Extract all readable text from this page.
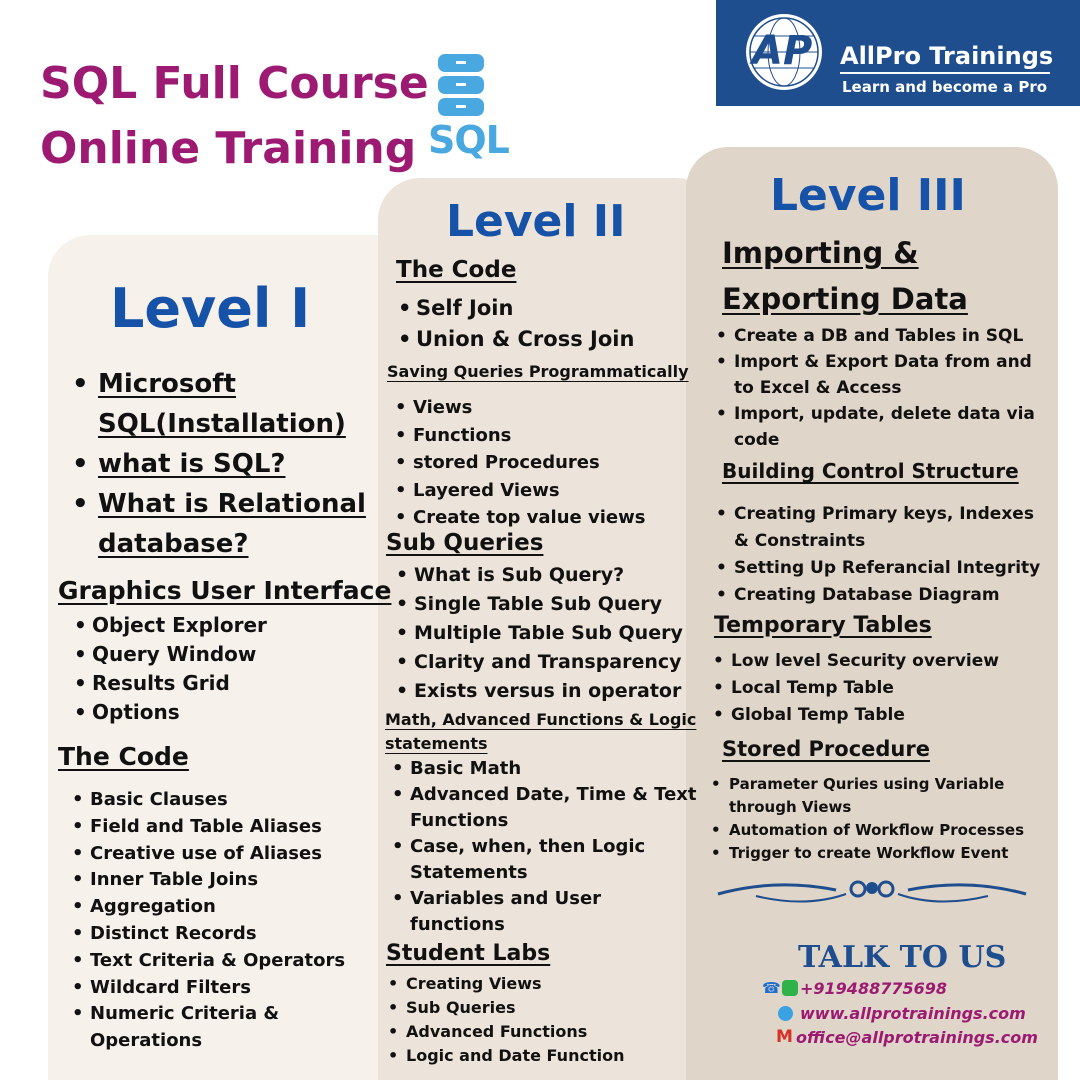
SQL Full Course
Online Training SQL
AP AllPro Trainings
Learn and become a Pro
Level I
• Microsoft
SQL(Installation)
• what is SQL?
• What is Relational
database?
Graphics User Interface
• Object Explorer
• Query Window
• Results Grid
• Options
The Code
• Basic Clauses
• Field and Table Aliases
• Creative use of Aliases
• Inner Table Joins
• Aggregation
• Distinct Records
• Text Criteria & Operators
• Wildcard Filters
• Numeric Criteria &
Operations
Level II
The Code
• Self Join
• Union & Cross Join
Saving Queries Programmatically
• Views
• Functions
• stored Procedures
• Layered Views
• Create top value views
Sub Queries
• What is Sub Query?
• Single Table Sub Query
• Multiple Table Sub Query
• Clarity and Transparency
• Exists versus in operator
Math, Advanced Functions & Logic
statements
• Basic Math
• Advanced Date, Time & Text
Functions
• Case, when, then Logic
Statements
• Variables and User
functions
Student Labs
• Creating Views
• Sub Queries
• Advanced Functions
• Logic and Date Function
Level III
Importing &
Exporting Data
• Create a DB and Tables in SQL
• Import & Export Data from and
to Excel & Access
• Import, update, delete data via
code
Building Control Structure
• Creating Primary keys, Indexes
& Constraints
• Setting Up Referancial Integrity
• Creating Database Diagram
Temporary Tables
• Low level Security overview
• Local Temp Table
• Global Temp Table
Stored Procedure
• Parameter Quries using Variable
through Views
• Automation of Workflow Processes
• Trigger to create Workflow Event
TALK TO US
☎ +919488775698
www.allprotrainings.com
M office@allprotrainings.com
